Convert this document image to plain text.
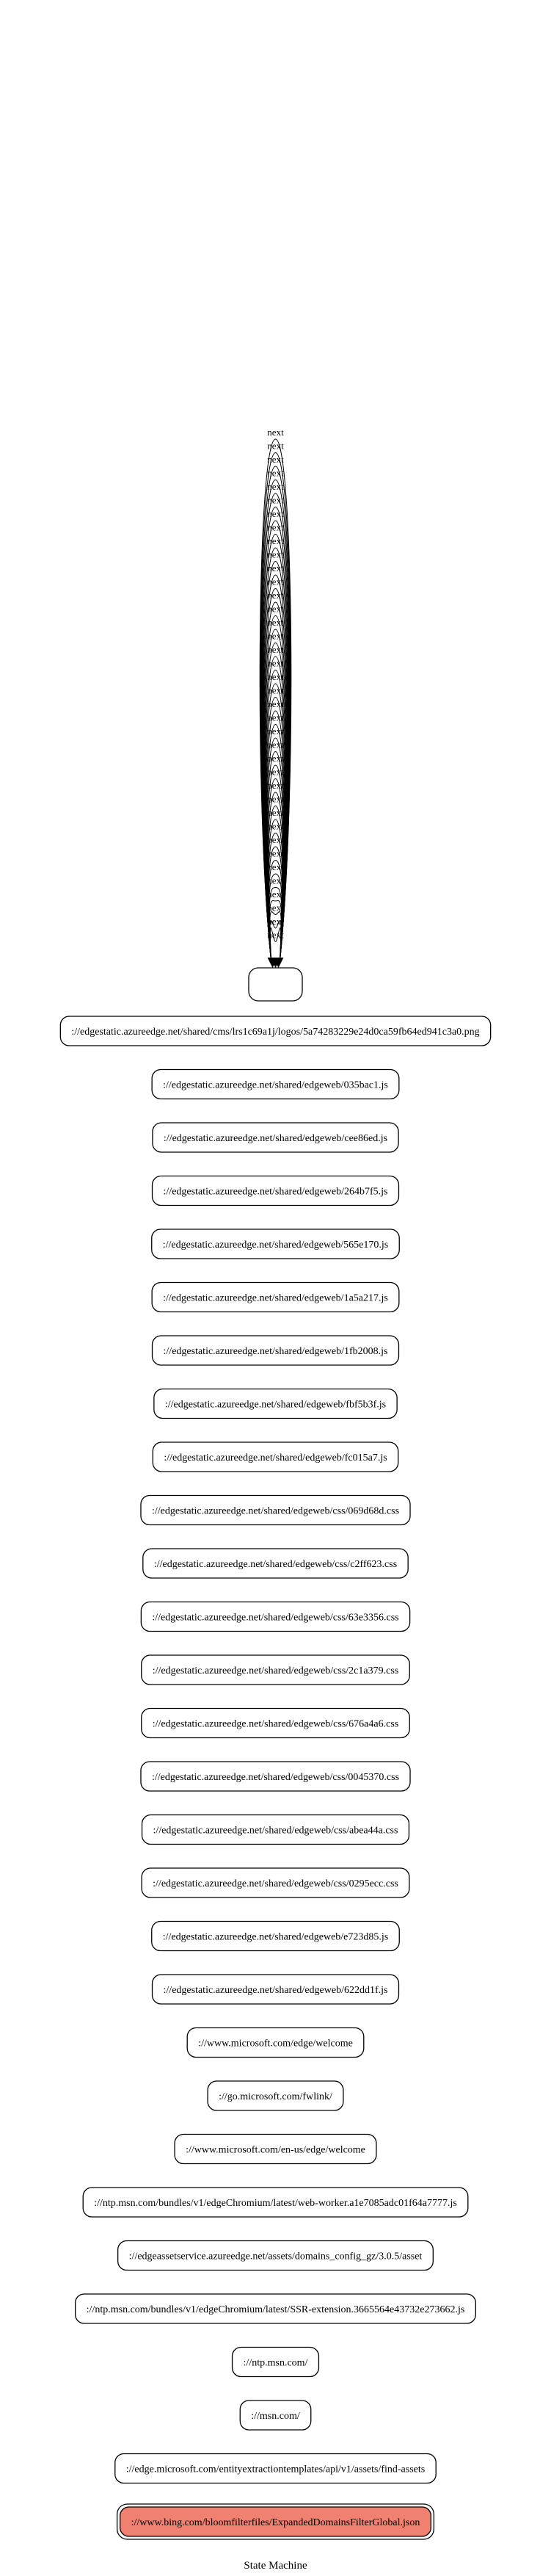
next
next
next
next
next
next
next
next
next
next
next
next
next
next
next
next
next
next
next
next
next
next
next
next
next
next
next
next
next
next
next
next
next
next
next
next
next
next
://edgestatic.azureedge.net/shared/cms/lrs1c69a1j/logos/5a74283229e24d0ca59fb64ed941c3a0.png
://edgestatic.azureedge.net/shared/edgeweb/035bac1.js
://edgestatic.azureedge.net/shared/edgeweb/cee86ed.js
://edgestatic.azureedge.net/shared/edgeweb/264b7f5.js
://edgestatic.azureedge.net/shared/edgeweb/565e170.js
://edgestatic.azureedge.net/shared/edgeweb/1a5a217.js
://edgestatic.azureedge.net/shared/edgeweb/1fb2008.js
://edgestatic.azureedge.net/shared/edgeweb/fbf5b3f.js
://edgestatic.azureedge.net/shared/edgeweb/fc015a7.js
://edgestatic.azureedge.net/shared/edgeweb/css/069d68d.css
://edgestatic.azureedge.net/shared/edgeweb/css/c2ff623.css
://edgestatic.azureedge.net/shared/edgeweb/css/63e3356.css
://edgestatic.azureedge.net/shared/edgeweb/css/2c1a379.css
://edgestatic.azureedge.net/shared/edgeweb/css/676a4a6.css
://edgestatic.azureedge.net/shared/edgeweb/css/0045370.css
://edgestatic.azureedge.net/shared/edgeweb/css/abea44a.css
://edgestatic.azureedge.net/shared/edgeweb/css/0295ecc.css
://edgestatic.azureedge.net/shared/edgeweb/e723d85.js
://edgestatic.azureedge.net/shared/edgeweb/622dd1f.js
://www.microsoft.com/edge/welcome
://go.microsoft.com/fwlink/
://www.microsoft.com/en-us/edge/welcome
://ntp.msn.com/bundles/v1/edgeChromium/latest/web-worker.a1e7085adc01f64a7777.js
://edgeassetservice.azureedge.net/assets/domains_config_gz/3.0.5/asset
://ntp.msn.com/bundles/v1/edgeChromium/latest/SSR-extension.3665564e43732e273662.js
://ntp.msn.com/
://msn.com/
://edge.microsoft.com/entityextractiontemplates/api/v1/assets/find-assets
://www.bing.com/bloomfilterfiles/ExpandedDomainsFilterGlobal.json
State Machine
